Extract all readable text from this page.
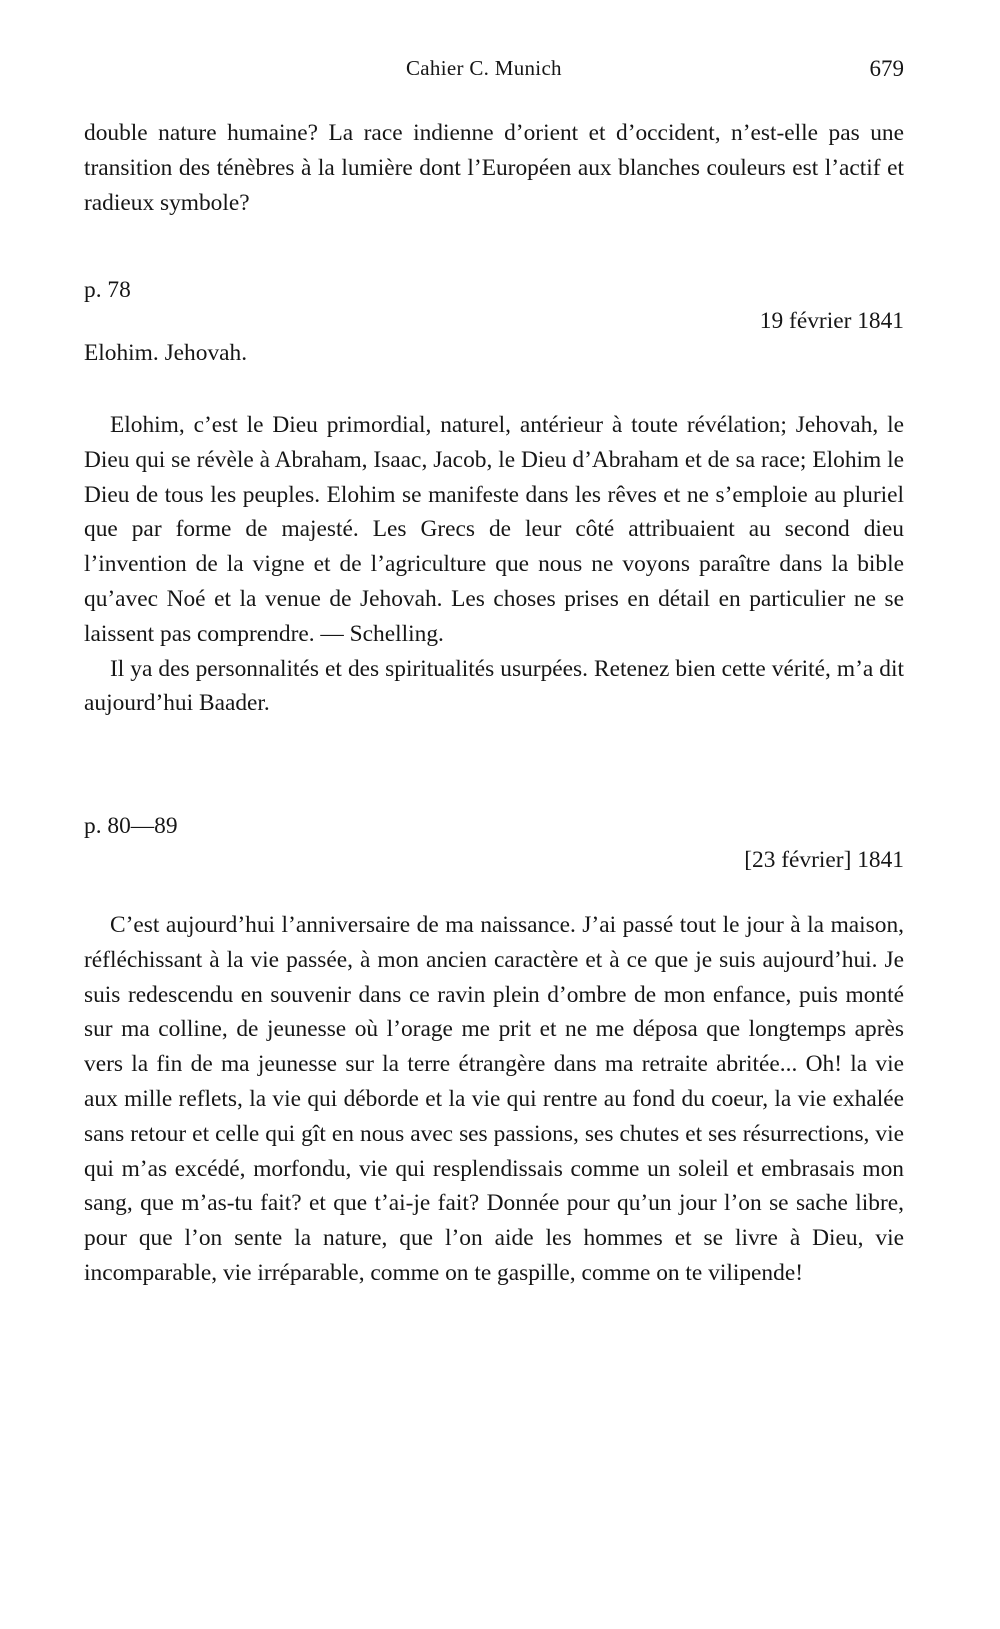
Cahier C. Munich	679

double nature humaine? La race indienne d’orient et d’occident, n’est-elle pas une transition des ténèbres à la lumière dont l’Européen aux blanches couleurs est l’actif et radieux symbole?

p. 78
19 février 1841
Elohim. Jehovah.

Elohim, c’est le Dieu primordial, naturel, antérieur à toute révélation; Jehovah, le Dieu qui se révèle à Abraham, Isaac, Jacob, le Dieu d’Abraham et de sa race; Elohim le Dieu de tous les peuples. Elohim se manifeste dans les rêves et ne s’emploie au pluriel que par forme de majesté. Les Grecs de leur côté attribuaient au second dieu l’invention de la vigne et de l’agriculture que nous ne voyons paraître dans la bible qu’avec Noé et la venue de Jehovah. Les choses prises en détail en particulier ne se laissent pas comprendre. — Schelling.

Il ya des personnalités et des spiritualités usurpées. Retenez bien cette vérité, m’a dit aujourd’hui Baader.

p. 80—89
[23 février] 1841

C’est aujourd’hui l’anniversaire de ma naissance. J’ai passé tout le jour à la maison, réfléchissant à la vie passée, à mon ancien caractère et à ce que je suis aujourd’hui. Je suis redescendu en souvenir dans ce ravin plein d’ombre de mon enfance, puis monté sur ma colline, de jeunesse où l’orage me prit et ne me déposa que longtemps après vers la fin de ma jeunesse sur la terre étrangère dans ma retraite abritée... Oh! la vie aux mille reflets, la vie qui déborde et la vie qui rentre au fond du coeur, la vie exhalée sans retour et celle qui gît en nous avec ses passions, ses chutes et ses résurrections, vie qui m’as excédé, morfondu, vie qui resplendissais comme un soleil et embrasais mon sang, que m’as-tu fait? et que t’ai-je fait? Donnée pour qu’un jour l’on se sache libre, pour que l’on sente la nature, que l’on aide les hommes et se livre à Dieu, vie incomparable, vie irréparable, comme on te gaspille, comme on te vilipende!
